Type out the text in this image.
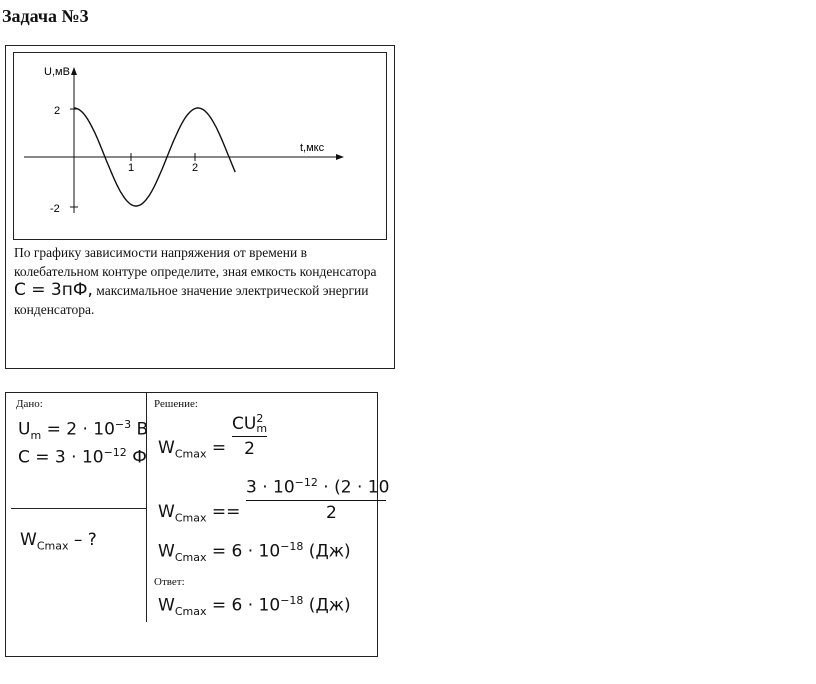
Задача №3
U,мВ
t,мкс
2
-2
1	2
По графику зависимости напряжения от времени в колебательном контуре определите, зная емкость конденсатора
C = 3пФ, максимальное значение электрической энергии конденсатора.
Дано:	Решение:
$U_m = 2 \cdot 10^{-3}$ В
$C = 3 \cdot 10^{-12}$ Ф
$W_{Cmax}$ – ?
$W_{Cmax}$ =
CU2
m
2
$W_{Cmax}$ ==
$3 \cdot 10^{-12} \cdot (2 \cdot 10$
2
$W_{Cmax} = 6 \cdot 10^{-18}$ (Дж)
Ответ:
$W_{Cmax} = 6 \cdot 10^{-18}$ (Дж)
